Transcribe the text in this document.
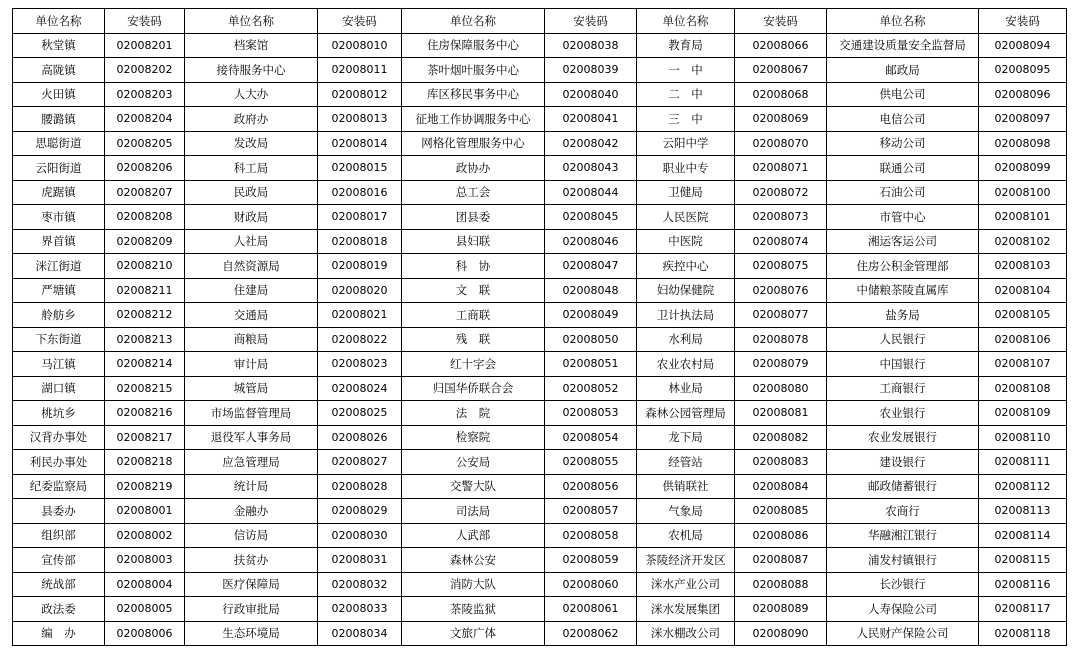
单位名称	安装码	单位名称	安装码	单位名称	安装码	单位名称	安装码	单位名称	安装码
秋堂镇	02008201	档案馆	02008010	住房保障服务中心	02008038	教育局	02008066	交通建设质量安全监督局	02008094
高陇镇	02008202	接待服务中心	02008011	茶叶烟叶服务中心	02008039	一　中	02008067	邮政局	02008095
火田镇	02008203	人大办	02008012	库区移民事务中心	02008040	二　中	02008068	供电公司	02008096
腰潞镇	02008204	政府办	02008013	征地工作协调服务中心	02008041	三　中	02008069	电信公司	02008097
思聪街道	02008205	发改局	02008014	网格化管理服务中心	02008042	云阳中学	02008070	移动公司	02008098
云阳街道	02008206	科工局	02008015	政协办	02008043	职业中专	02008071	联通公司	02008099
虎踞镇	02008207	民政局	02008016	总工会	02008044	卫健局	02008072	石油公司	02008100
枣市镇	02008208	财政局	02008017	团县委	02008045	人民医院	02008073	市管中心	02008101
界首镇	02008209	人社局	02008018	县妇联	02008046	中医院	02008074	湘运客运公司	02008102
洣江街道	02008210	自然资源局	02008019	科　协	02008047	疾控中心	02008075	住房公积金管理部	02008103
严塘镇	02008211	住建局	02008020	文　联	02008048	妇幼保健院	02008076	中储粮茶陵直属库	02008104
舲舫乡	02008212	交通局	02008021	工商联	02008049	卫计执法局	02008077	盐务局	02008105
下东街道	02008213	商粮局	02008022	残　联	02008050	水利局	02008078	人民银行	02008106
马江镇	02008214	审计局	02008023	红十字会	02008051	农业农村局	02008079	中国银行	02008107
湖口镇	02008215	城管局	02008024	归国华侨联合会	02008052	林业局	02008080	工商银行	02008108
桃坑乡	02008216	市场监督管理局	02008025	法　院	02008053	森林公园管理局	02008081	农业银行	02008109
汉背办事处	02008217	退役军人事务局	02008026	检察院	02008054	龙下局	02008082	农业发展银行	02008110
利民办事处	02008218	应急管理局	02008027	公安局	02008055	经管站	02008083	建设银行	02008111
纪委监察局	02008219	统计局	02008028	交警大队	02008056	供销联社	02008084	邮政储蓄银行	02008112
县委办	02008001	金融办	02008029	司法局	02008057	气象局	02008085	农商行	02008113
组织部	02008002	信访局	02008030	人武部	02008058	农机局	02008086	华融湘江银行	02008114
宣传部	02008003	扶贫办	02008031	森林公安	02008059	茶陵经济开发区	02008087	浦发村镇银行	02008115
统战部	02008004	医疗保障局	02008032	消防大队	02008060	洣水产业公司	02008088	长沙银行	02008116
政法委	02008005	行政审批局	02008033	茶陵监狱	02008061	洣水发展集团	02008089	人寿保险公司	02008117
编　办	02008006	生态环境局	02008034	文旅广体	02008062	洣水棚改公司	02008090	人民财产保险公司	02008118
